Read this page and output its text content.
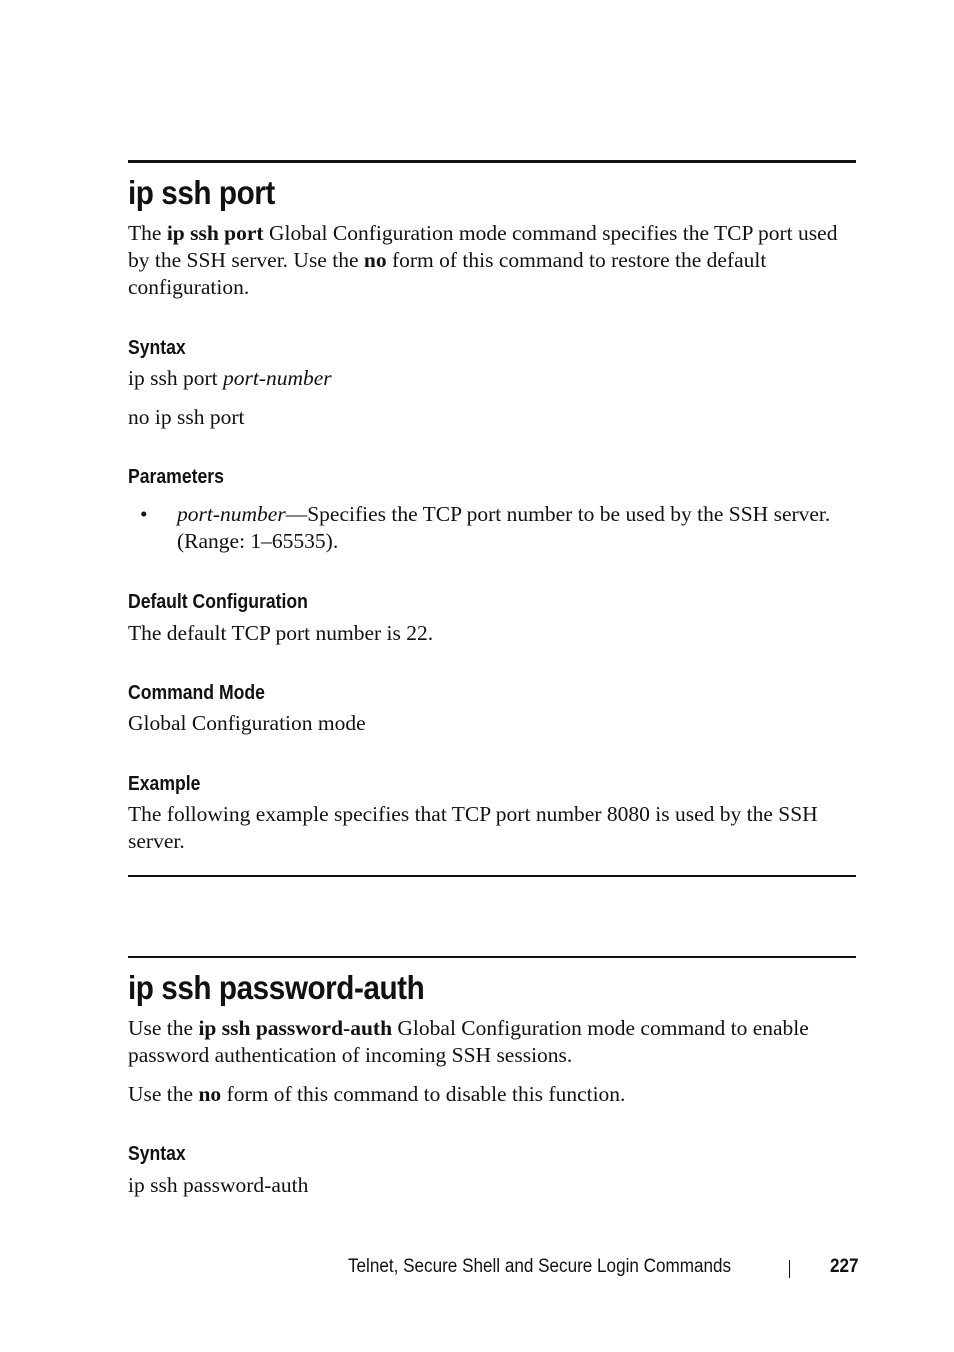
ip ssh port

The ip ssh port Global Configuration mode command specifies the TCP port used by the SSH server. Use the no form of this command to restore the default configuration.

Syntax

ip ssh port port-number

no ip ssh port

Parameters
• port-number—Specifies the TCP port number to be used by the SSH server. (Range: 1–65535).

Default Configuration

The default TCP port number is 22.

Command Mode

Global Configuration mode

Example

The following example specifies that TCP port number 8080 is used by the SSH server.

ip ssh password-auth

Use the ip ssh password-auth Global Configuration mode command to enable password authentication of incoming SSH sessions.

Use the no form of this command to disable this function.

Syntax

ip ssh password-auth

Telnet, Secure Shell and Secure Login Commands	227
